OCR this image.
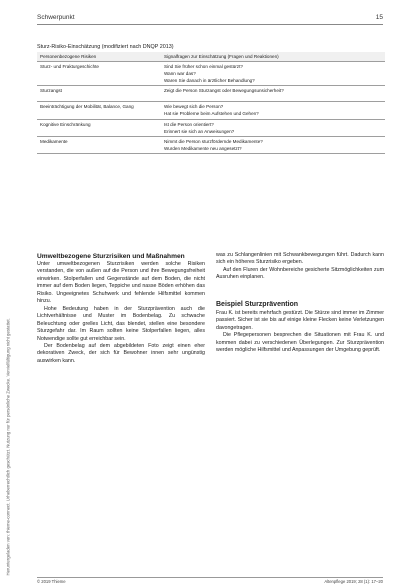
Heruntergeladen von: thieme-connect. Urheberrechtlich geschützt. Nutzung nur für persönliche Zwecke. Vervielfältigung nicht gestattet.
Schwerpunkt	15
Sturz-Risiko-Einschätzung (modifiziert nach DNQP 2013)
Personenbezogene Risiken	Signalfragen zur Einschätzung (Fragen und Reaktionen)
Sturz- und Frakturgeschichte	Sind Sie früher schon einmal gestürzt?
Wann war das?
Waren Sie danach in ärztlicher Behandlung?

Sturzangst	Zeigt die Person Sturzangst oder Bewegungsunsicherheit?

Beeinträchtigung der Mobilität, Balance, Gang	Wie bewegt sich die Person?
Hat sie Probleme beim Aufstehen und Gehen?

Kognitive Einschränkung	Ist die Person orientiert?
Erinnert sie sich an Anweisungen?

Medikamente	Nimmt die Person sturzfördernde Medikamente?
Wurden Medikamente neu angesetzt?
Umweltbezogene Sturzrisiken und Maßnahmen

Unter umweltbezogenen Sturzrisiken werden solche Risiken verstanden, die von außen auf die Person und ihre Bewegungsfreiheit einwirken. Stolperfallen und Gegenstände auf dem Boden, die nicht immer auf dem Boden liegen, Teppiche und nasse Böden erhöhen das Risiko. Ungeeignetes Schuhwerk und fehlende Hilfsmittel kommen hinzu.

Hohe Bedeutung haben in der Sturzprävention auch die Lichtverhältnisse und Muster im Bodenbelag. Zu schwache Beleuchtung oder grelles Licht, das blendet, stellen eine besondere Sturzgefahr dar. Im Raum sollten keine Stolperfallen liegen, alles Notwendige sollte gut erreichbar sein.

Der Bodenbelag auf dem abgebildeten Foto zeigt einen eher dekorativen Zweck, der sich für Bewohner innen sehr ungünstig auswirken kann.

was zu Schlangenlinien mit Schwankbewegungen führt. Dadurch kann sich ein höheres Sturzrisiko ergeben.

Auf den Fluren der Wohnbereiche gesicherte Sitzmöglichkeiten zum Ausruhen einplanen.

Beispiel Sturzprävention

Frau K. ist bereits mehrfach gestürzt. Die Stürze sind immer im Zimmer passiert. Sicher ist sie bis auf einige kleine Flecken keine Verletzungen davongetragen.

Die Pflegepersonen besprechen die Situationen mit Frau K. und kommen dabei zu verschiedenen Überlegungen. Zur Sturzprävention werden mögliche Hilfsmittel und Anpassungen der Umgebung geprüft.

© 2019 Thieme	Altenpflege 2019; 28 (1): 17–20
